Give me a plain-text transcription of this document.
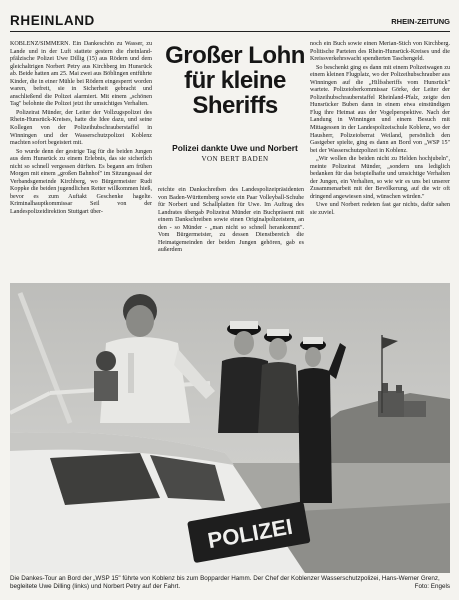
RHEINLAND	RHEIN-ZEITUNG

KOBLENZ/SIMMERN. Ein Dankeschön zu Wasser, zu Lande und in der Luft stattete gestern die rheinland-pfälzische Polizei Uwe Dillig (15) aus Rödern und dem gleichaltrigen Norbert Petry aus Kirchberg im Hunsrück ab. Beide hatten am 25. Mai zwei aus Böblingen entführte Kinder, die in einer Mühle bei Rödern eingesperrt worden waren, befreit, sie in Sicherheit gebracht und anschließend die Polizei alarmiert. Mit einem „schönen Tag" belohnte die Polizei jetzt ihr umsichtiges Verhalten.

Polizeirat Münder, der Leiter der Vollzugspolizei des Rhein-Hunsrück-Kreises, hatte die Idee dazu, und seine Kollegen von der Polizeihubschrauberstaffel in Winningen und der Wasserschutzpolizei Koblenz machten sofort begeistert mit.

So wurde denn der gestrige Tag für die beiden Jungen aus dem Hunsrück zu einem Erlebnis, das sie sicherlich nicht so schnell vergessen dürften. Es begann am frühen Morgen mit einem „großen Bahnhof" im Sitzungssaal der Verbandsgemeinde Kirchberg, wo Bürgermeister Rudi Koppke die beiden jugendlichen Retter willkommen hieß, bevor es zum Auftakt Geschenke hagelte. Kriminalhauptkommissar Seil von der Landespolizeidirektion Stuttgart über-

Großer Lohn
für kleine
Sheriffs
Polizei dankte Uwe und Norbert
VON BERT BADEN

reichte ein Dankschreiben des Landespolizeipräsidenten von Baden-Württemberg sowie ein Paar Volleyball-Schuhe für Norbert und Schallplatten für Uwe. Im Auftrag des Landrates übergab Polizeirat Münder ein Buchpräsent mit einem Dankschreiben sowie einen Originalpolizeistern, an den - so Münder - „man nicht so schnell herankommt". Vom Bürgermeister, zu dessen Dienstbereich die Heimatgemeinden der beiden Jungen gehören, gab es außerdem

noch ein Buch sowie einen Merian-Stich von Kirchberg. Politische Parteien des Rhein-Hunsrück-Kreises und die Kreissverkehrswacht spendierten Taschengeld.

So beschenkt ging es dann mit einem Polizeiwagen zu einem kleinen Flugplatz, wo der Polizeihubschrauber aus Winningen auf die „Hilfssheriffs vom Hunsrück" wartete. Polizeioberkommissar Görke, der Leiter der Polizeihubschrauberstaffel Rheinland-Pfalz, zeigte den Hunsrücker Buben dann in einem etwa einstündigen Flug ihre Heimat aus der Vogelperspektive. Nach der Landung in Winningen und einem Besuch mit Mittagessen in der Landespolizeischule Koblenz, wo der Hausherr, Polizeioberrat Weiland, persönlich den Gastgeber spielte, ging es dann an Bord von „WSP 15" bei der Wasserschutzpolizei in Koblenz.

„Wir wollen die beiden nicht zu Helden hochjubeln", meinte Polizeirat Münder, „sondern uns lediglich bedanken für das beispielhafte und umsichtige Verhalten der Jungen, ein Verhalten, so wie wir es uns bei unserer Zusammenarbeit mit der Bevölkerung, auf die wir oft dringend angewiesen sind, wünschen würden."

Uwe und Norbert redeten fast gar nichts, dafür sahen sie zuviel.

POLIZEI
Die Dankes-Tour an Bord der „WSP 15" führte von Koblenz bis zum Bopparder Hamm. Der Chef der Koblenzer Wasserschutzpolizei, Hans-Werner Grenz, begleitete Uwe Dilling (links) und Norbert Petry auf der Fahrt.	Foto: Engels
